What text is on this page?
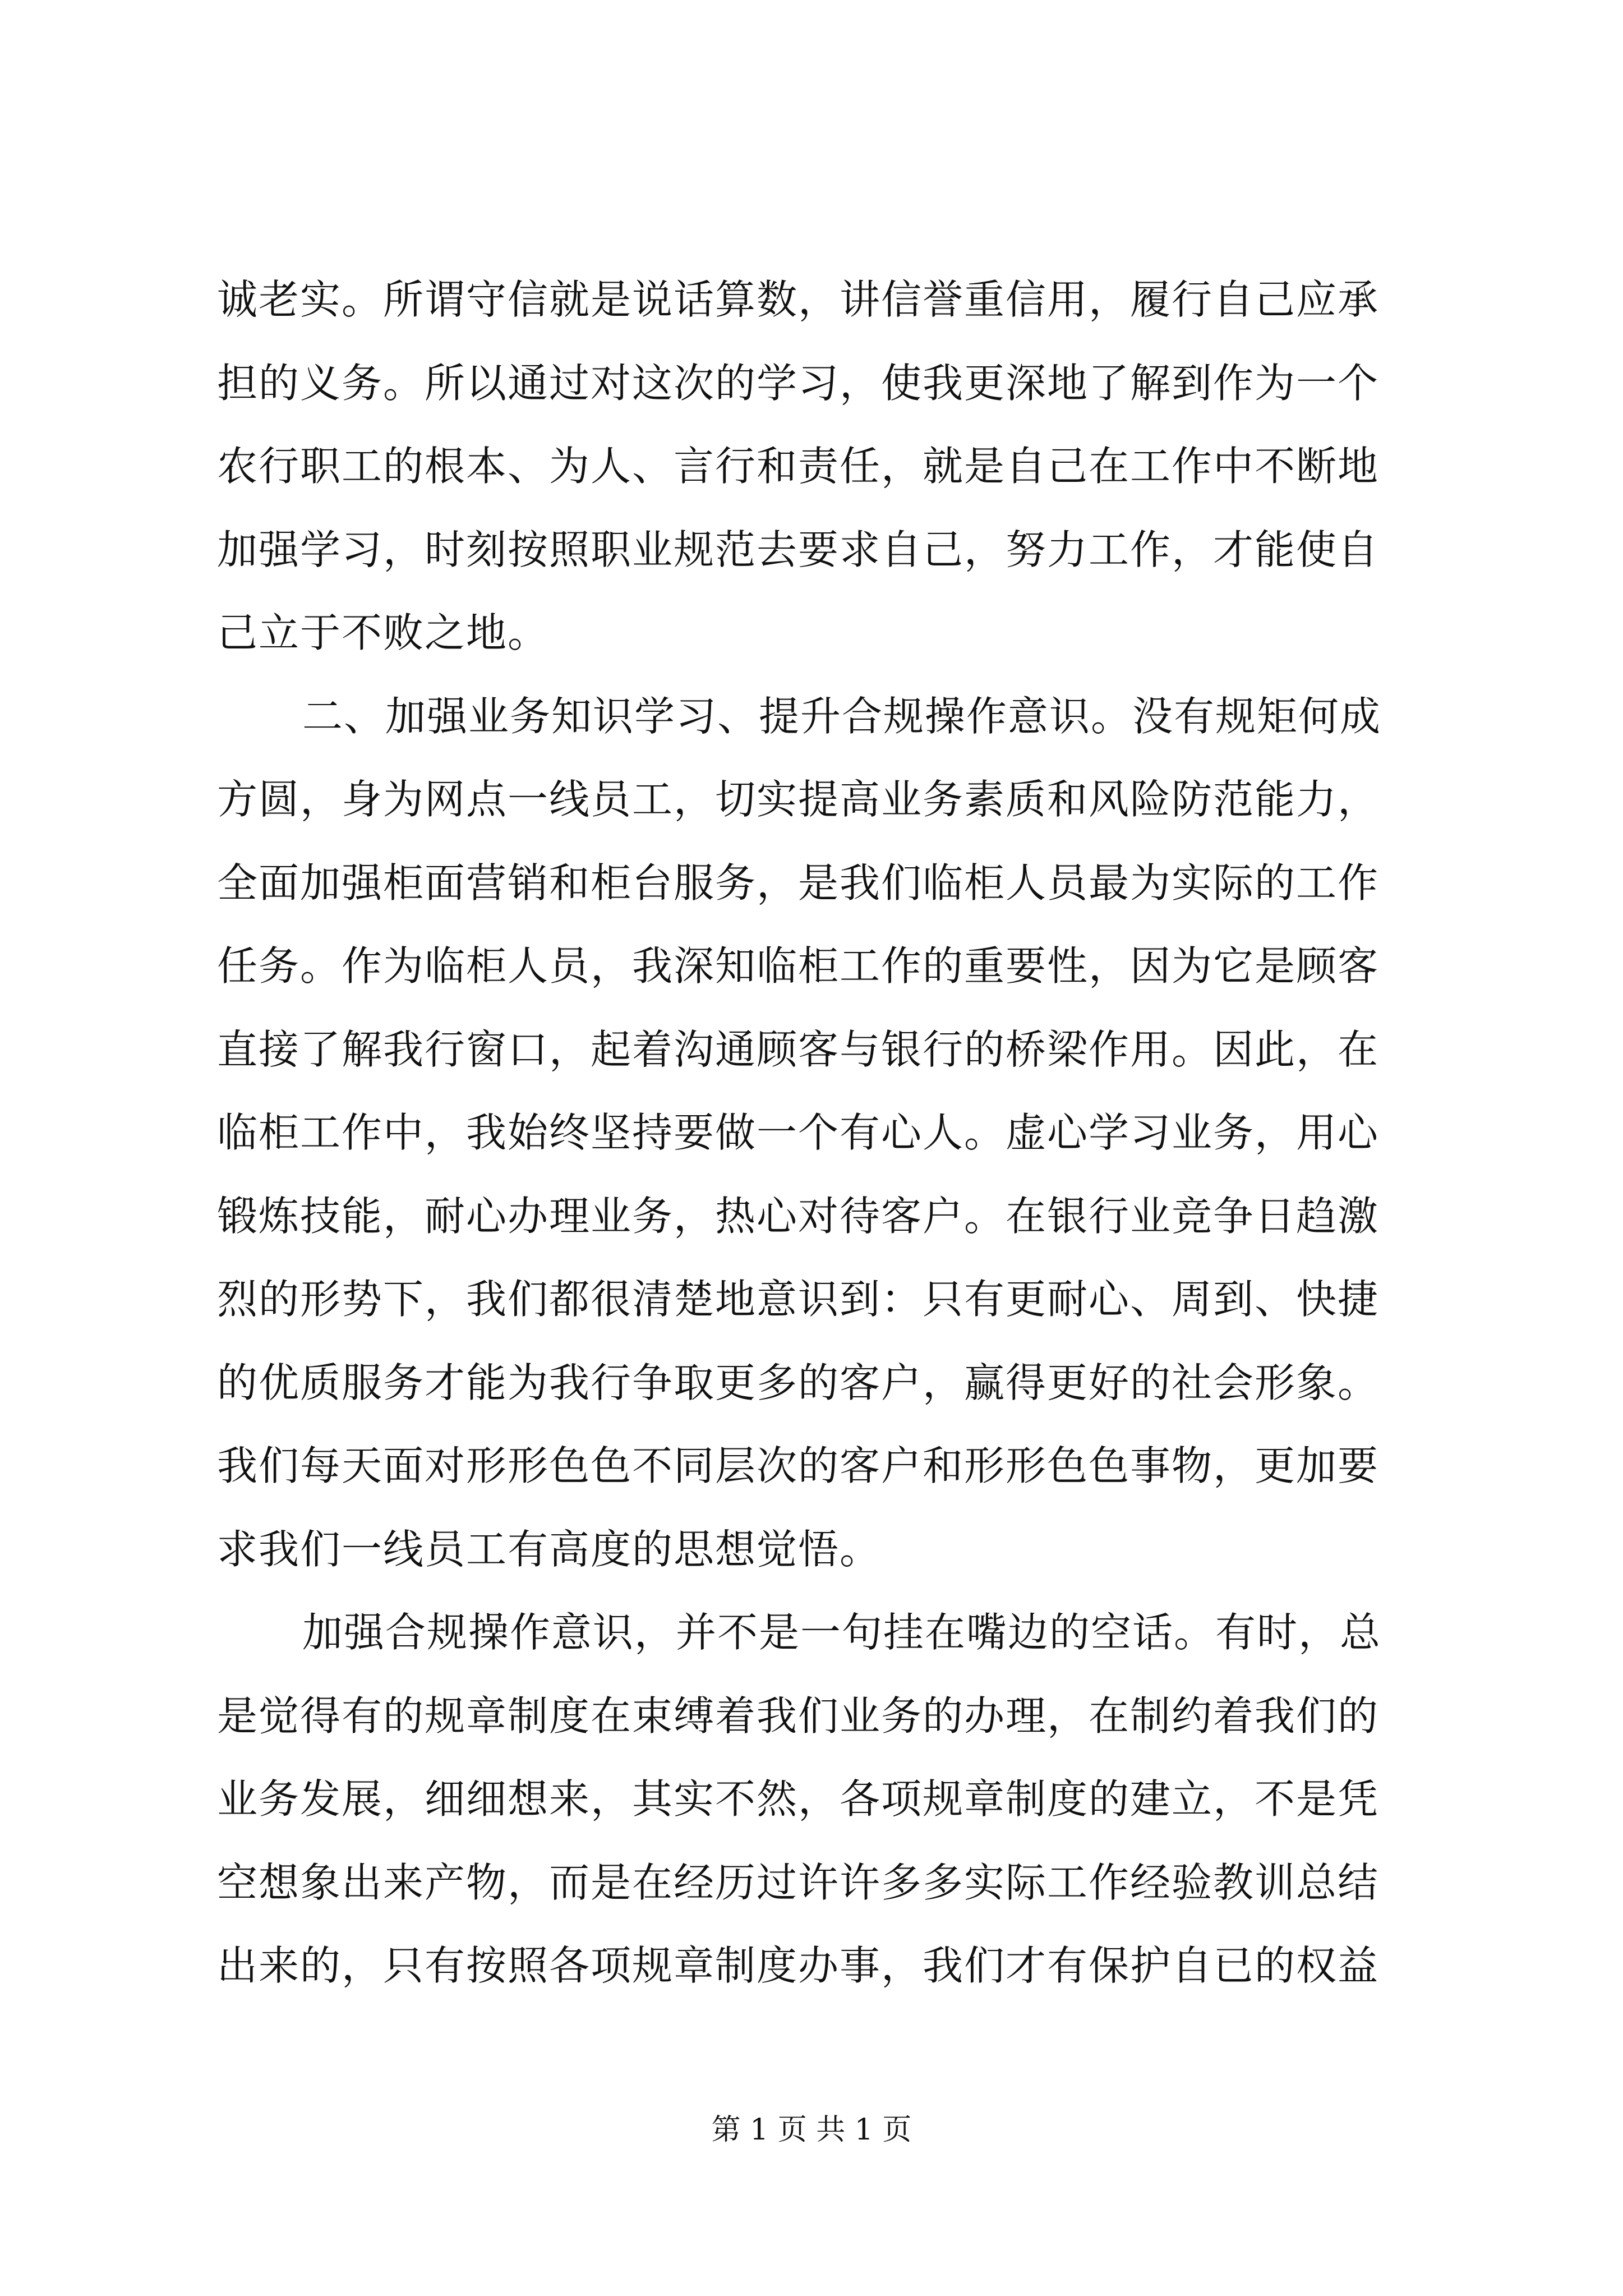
诚老实。所谓守信就是说话算数，讲信誉重信用，履行自己应承
担的义务。所以通过对这次的学习，使我更深地了解到作为一个
农行职工的根本、为人、言行和责任，就是自己在工作中不断地
加强学习，时刻按照职业规范去要求自己，努力工作，才能使自
己立于不败之地。
二、加强业务知识学习、提升合规操作意识。没有规矩何成
方圆，身为网点一线员工，切实提高业务素质和风险防范能力，
全面加强柜面营销和柜台服务，是我们临柜人员最为实际的工作
任务。作为临柜人员，我深知临柜工作的重要性，因为它是顾客
直接了解我行窗口，起着沟通顾客与银行的桥梁作用。因此，在
临柜工作中，我始终坚持要做一个有心人。虚心学习业务，用心
锻炼技能，耐心办理业务，热心对待客户。在银行业竞争日趋激
烈的形势下，我们都很清楚地意识到：只有更耐心、周到、快捷
的优质服务才能为我行争取更多的客户，赢得更好的社会形象。
我们每天面对形形色色不同层次的客户和形形色色事物，更加要
求我们一线员工有高度的思想觉悟。
加强合规操作意识，并不是一句挂在嘴边的空话。有时，总
是觉得有的规章制度在束缚着我们业务的办理，在制约着我们的
业务发展，细细想来，其实不然，各项规章制度的建立，不是凭
空想象出来产物，而是在经历过许许多多实际工作经验教训总结
出来的，只有按照各项规章制度办事，我们才有保护自已的权益
第 1 页 共 1 页
